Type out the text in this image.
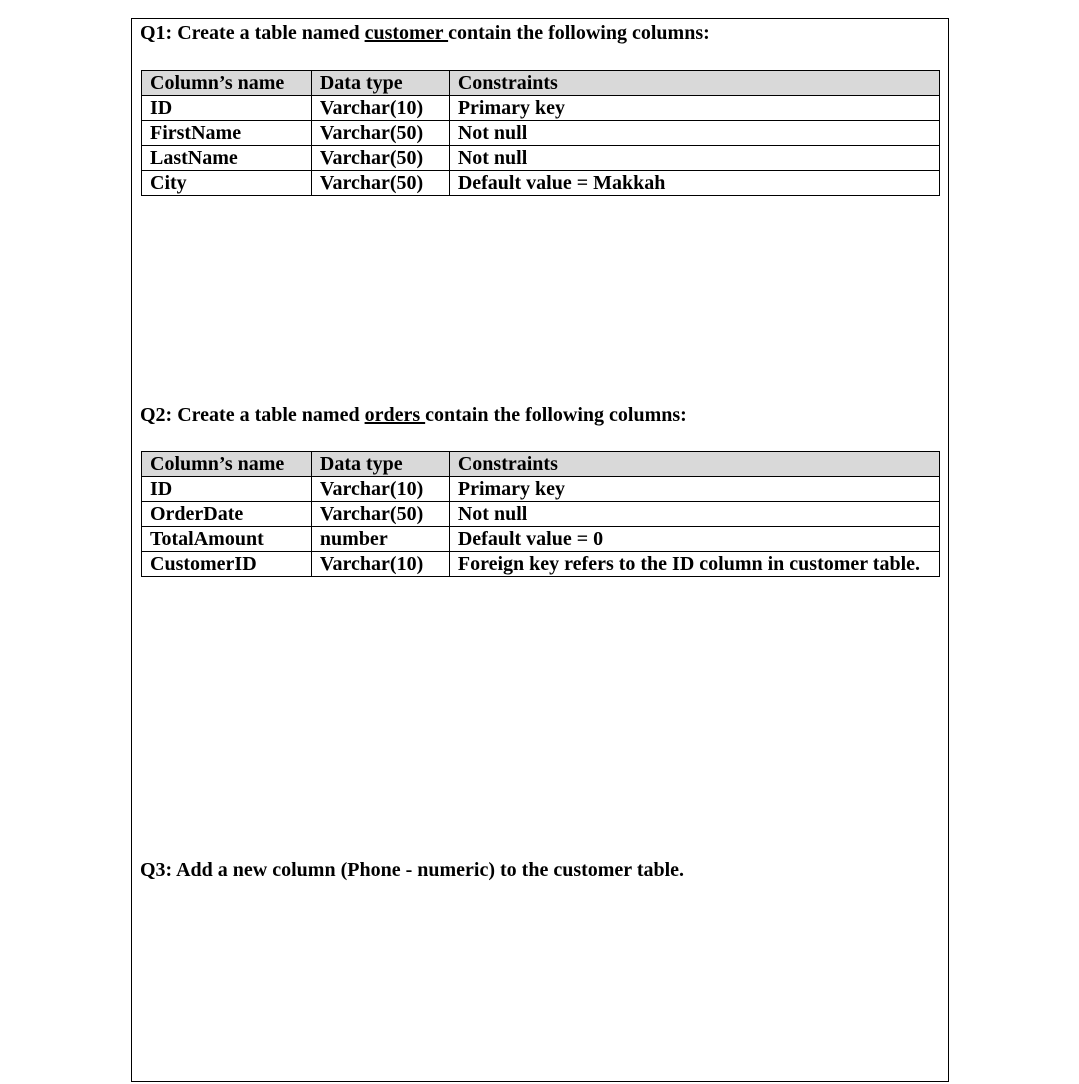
Q1: Create a table named customer contain the following columns:
Column’s name	Data type	Constraints
ID	Varchar(10)	Primary key
FirstName	Varchar(50)	Not null
LastName	Varchar(50)	Not null
City	Varchar(50)	Default value = Makkah
Q2: Create a table named orders contain the following columns:
Column’s name	Data type	Constraints
ID	Varchar(10)	Primary key
OrderDate	Varchar(50)	Not null
TotalAmount	number	Default value = 0
CustomerID	Varchar(10)	Foreign key refers to the ID column in customer table.
Q3: Add a new column (Phone - numeric) to the customer table.
